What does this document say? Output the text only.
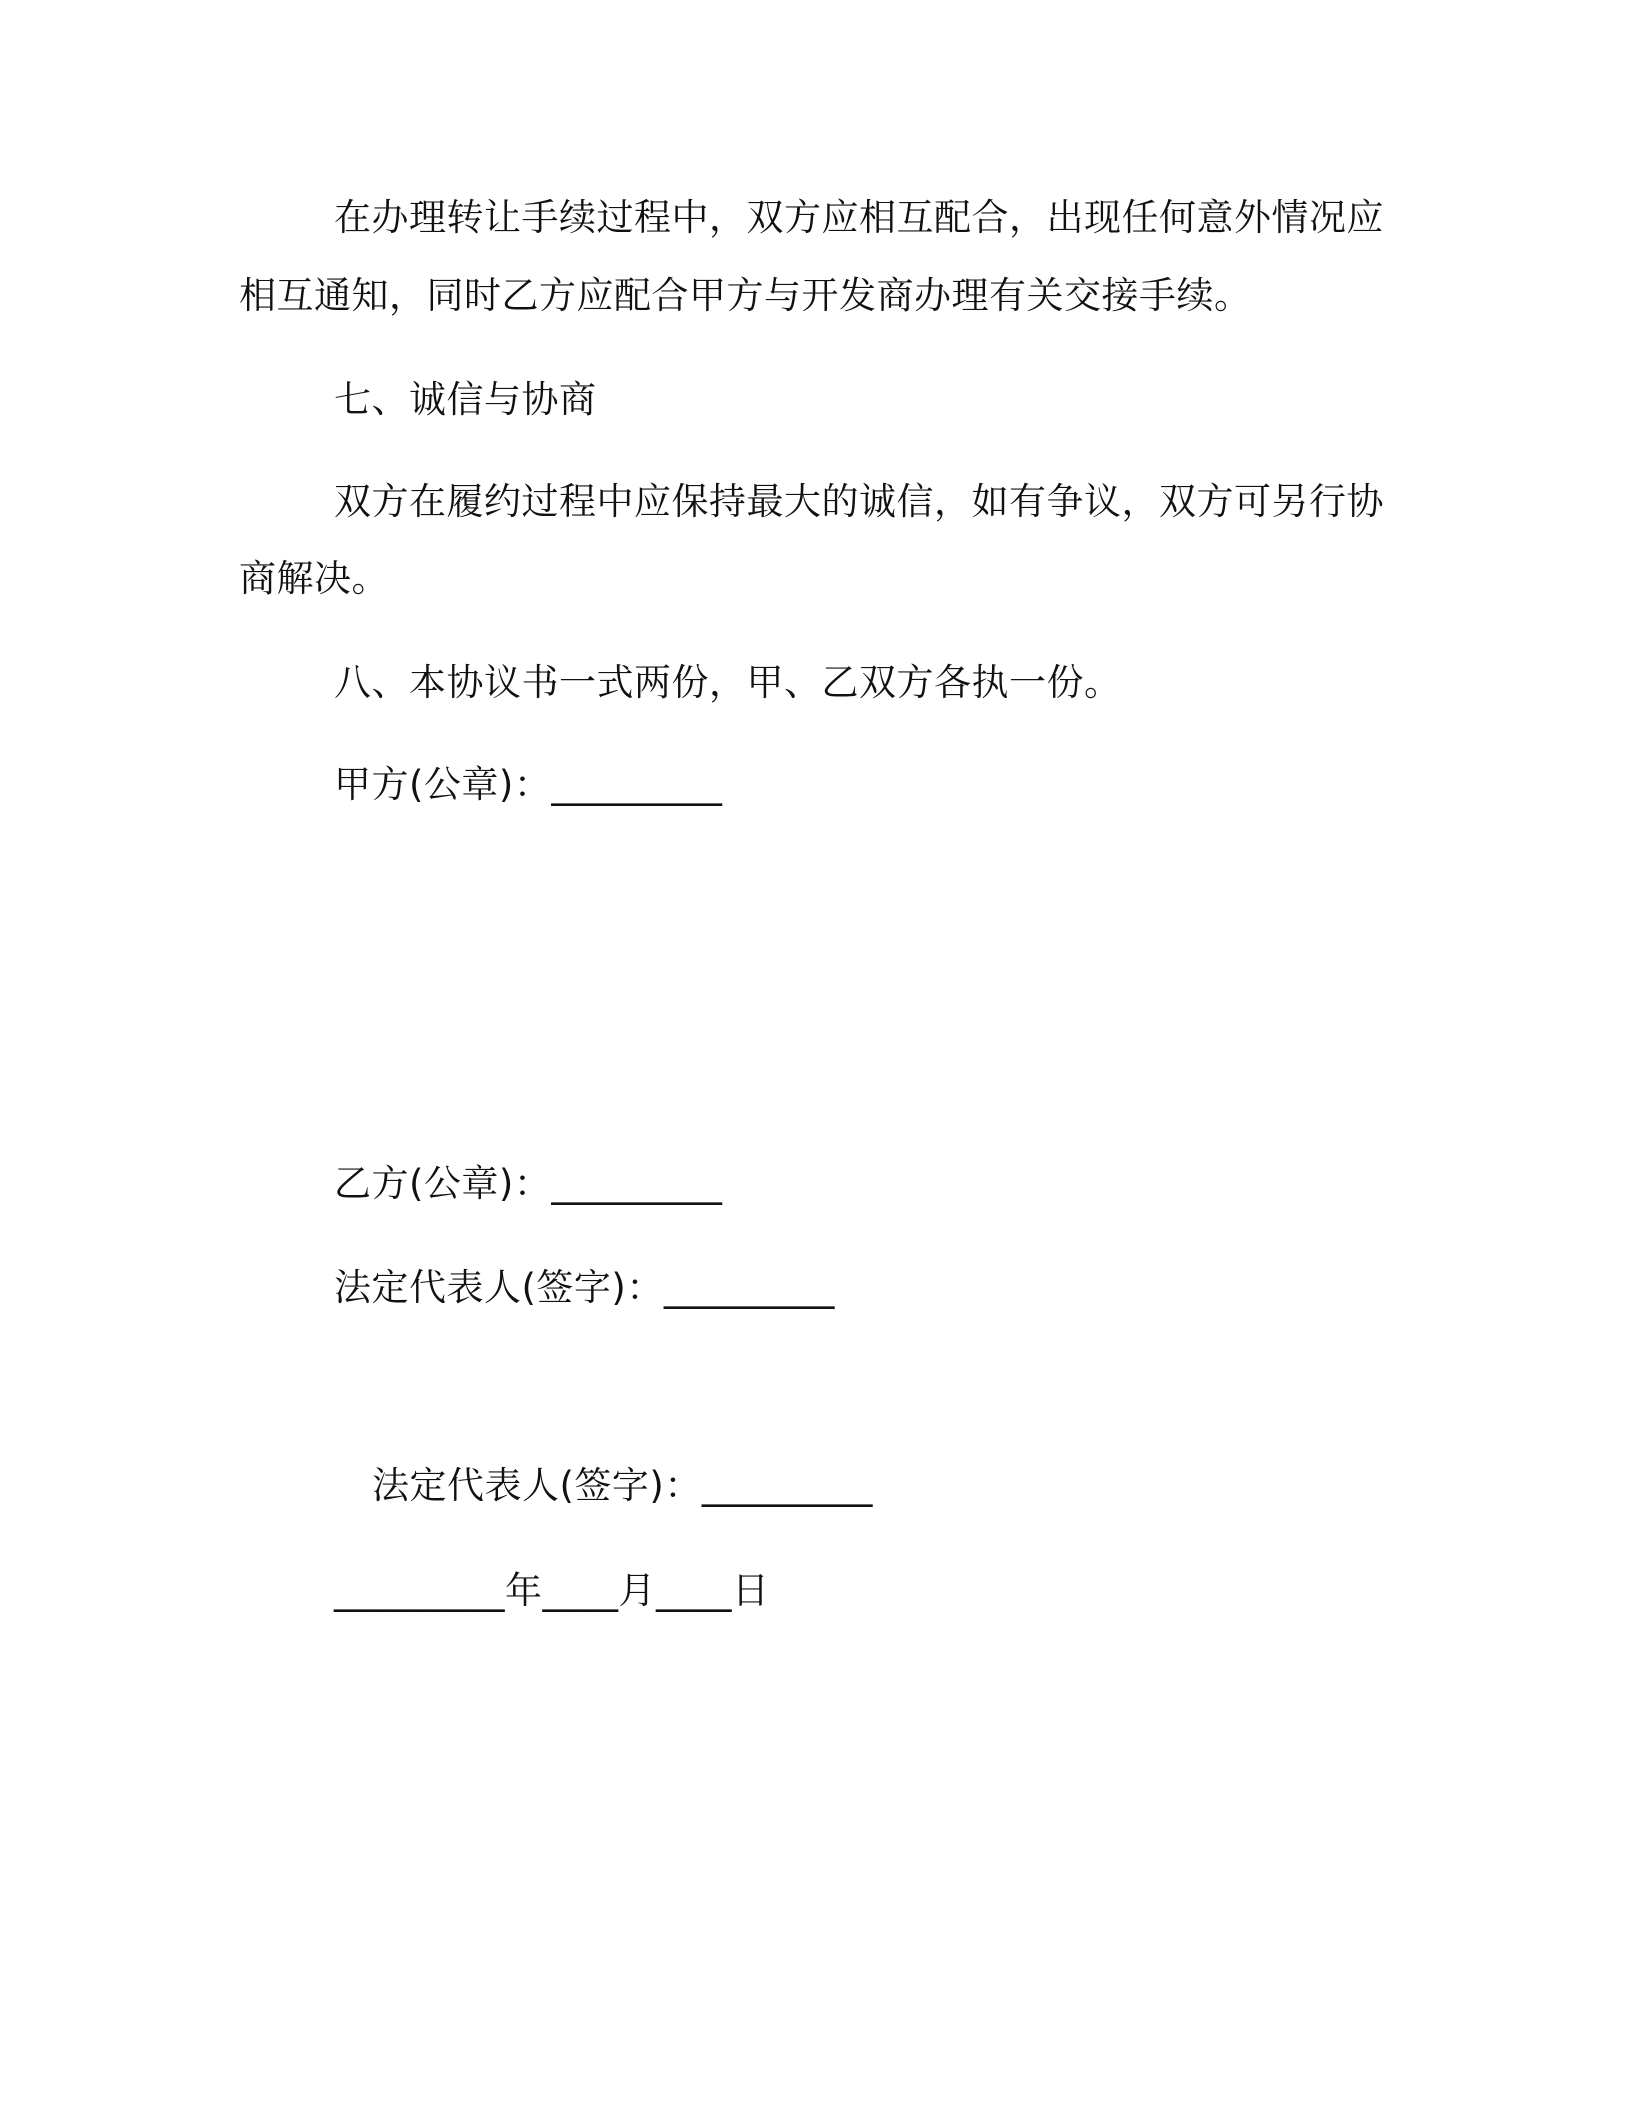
在办理转让手续过程中，双方应相互配合，出现任何意外情况应

相互通知，同时乙方应配合甲方与开发商办理有关交接手续。

七、诚信与协商

双方在履约过程中应保持最大的诚信，如有争议，双方可另行协

商解决。

八、本协议书一式两份，甲、乙双方各执一份。

甲方(公章)：_________

乙方(公章)：_________

法定代表人(签字)：_________

法定代表人(签字)：_________

_________年____月____日
